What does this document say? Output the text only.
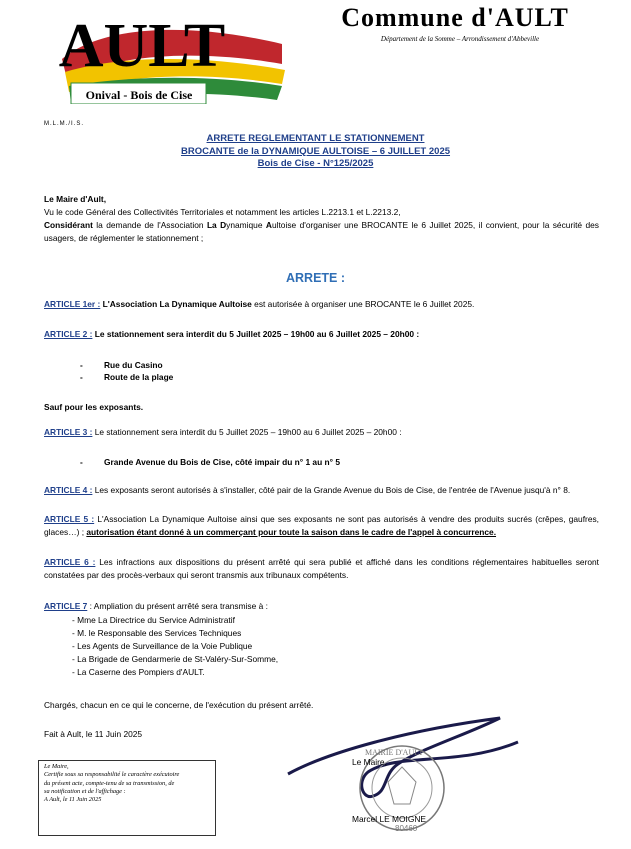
AULT
Onival - Bois de Cise
Commune d'AULT
Département de la Somme – Arrondissement d'Abbeville
M.L.M./I.S.
ARRETE REGLEMENTANT LE STATIONNEMENT
BROCANTE de la DYNAMIQUE AULTOISE – 6 JUILLET 2025
Bois de Cise - N°125/2025
Le Maire d'Ault,
Vu le code Général des Collectivités Territoriales et notamment les articles L.2213.1 et L.2213.2,
Considérant la demande de l'Association La Dynamique Aultoise d'organiser une BROCANTE le 6 Juillet 2025, il convient, pour la sécurité des usagers, de réglementer le stationnement ;
ARRETE :
ARTICLE 1er : L'Association La Dynamique Aultoise est autorisée à organiser une BROCANTE le 6 Juillet 2025.
ARTICLE 2 : Le stationnement sera interdit du 5 Juillet 2025 – 19h00 au 6 Juillet 2025 – 20h00 :
- Rue du Casino
- Route de la plage
Sauf pour les exposants.
ARTICLE 3 : Le stationnement sera interdit du 5 Juillet 2025 – 19h00 au 6 Juillet 2025 – 20h00 :
- Grande Avenue du Bois de Cise, côté impair du n° 1 au n° 5
ARTICLE 4 : Les exposants seront autorisés à s'installer, côté pair de la Grande Avenue du Bois de Cise, de l'entrée de l'Avenue jusqu'à n° 8.
ARTICLE 5 : L'Association La Dynamique Aultoise ainsi que ses exposants ne sont pas autorisés à vendre des produits sucrés (crêpes, gaufres, glaces…) ; autorisation étant donné à un commerçant pour toute la saison dans le cadre de l'appel à concurrence.
ARTICLE 6 : Les infractions aux dispositions du présent arrêté qui sera publié et affiché dans les conditions réglementaires habituelles seront constatées par des procès-verbaux qui seront transmis aux tribunaux compétents.
ARTICLE 7 : Ampliation du présent arrêté sera transmise à :
- Mme La Directrice du Service Administratif
- M. le Responsable des Services Techniques
- Les Agents de Surveillance de la Voie Publique
- La Brigade de Gendarmerie de St-Valéry-Sur-Somme,
- La Caserne des Pompiers d'AULT.
Chargés, chacun en ce qui le concerne, de l'exécution du présent arrêté.
Fait à Ault, le 11 Juin 2025
Le Maire,
MAIRIE D'AULT
Marcel LE MOIGNE
80460
Le Maire,
Certifie sous sa responsabilité le caractère exécutoire
du présent acte, compte-tenu de sa transmission, de
sa notification et de l'affichage :
A Ault, le 11 Juin 2025
